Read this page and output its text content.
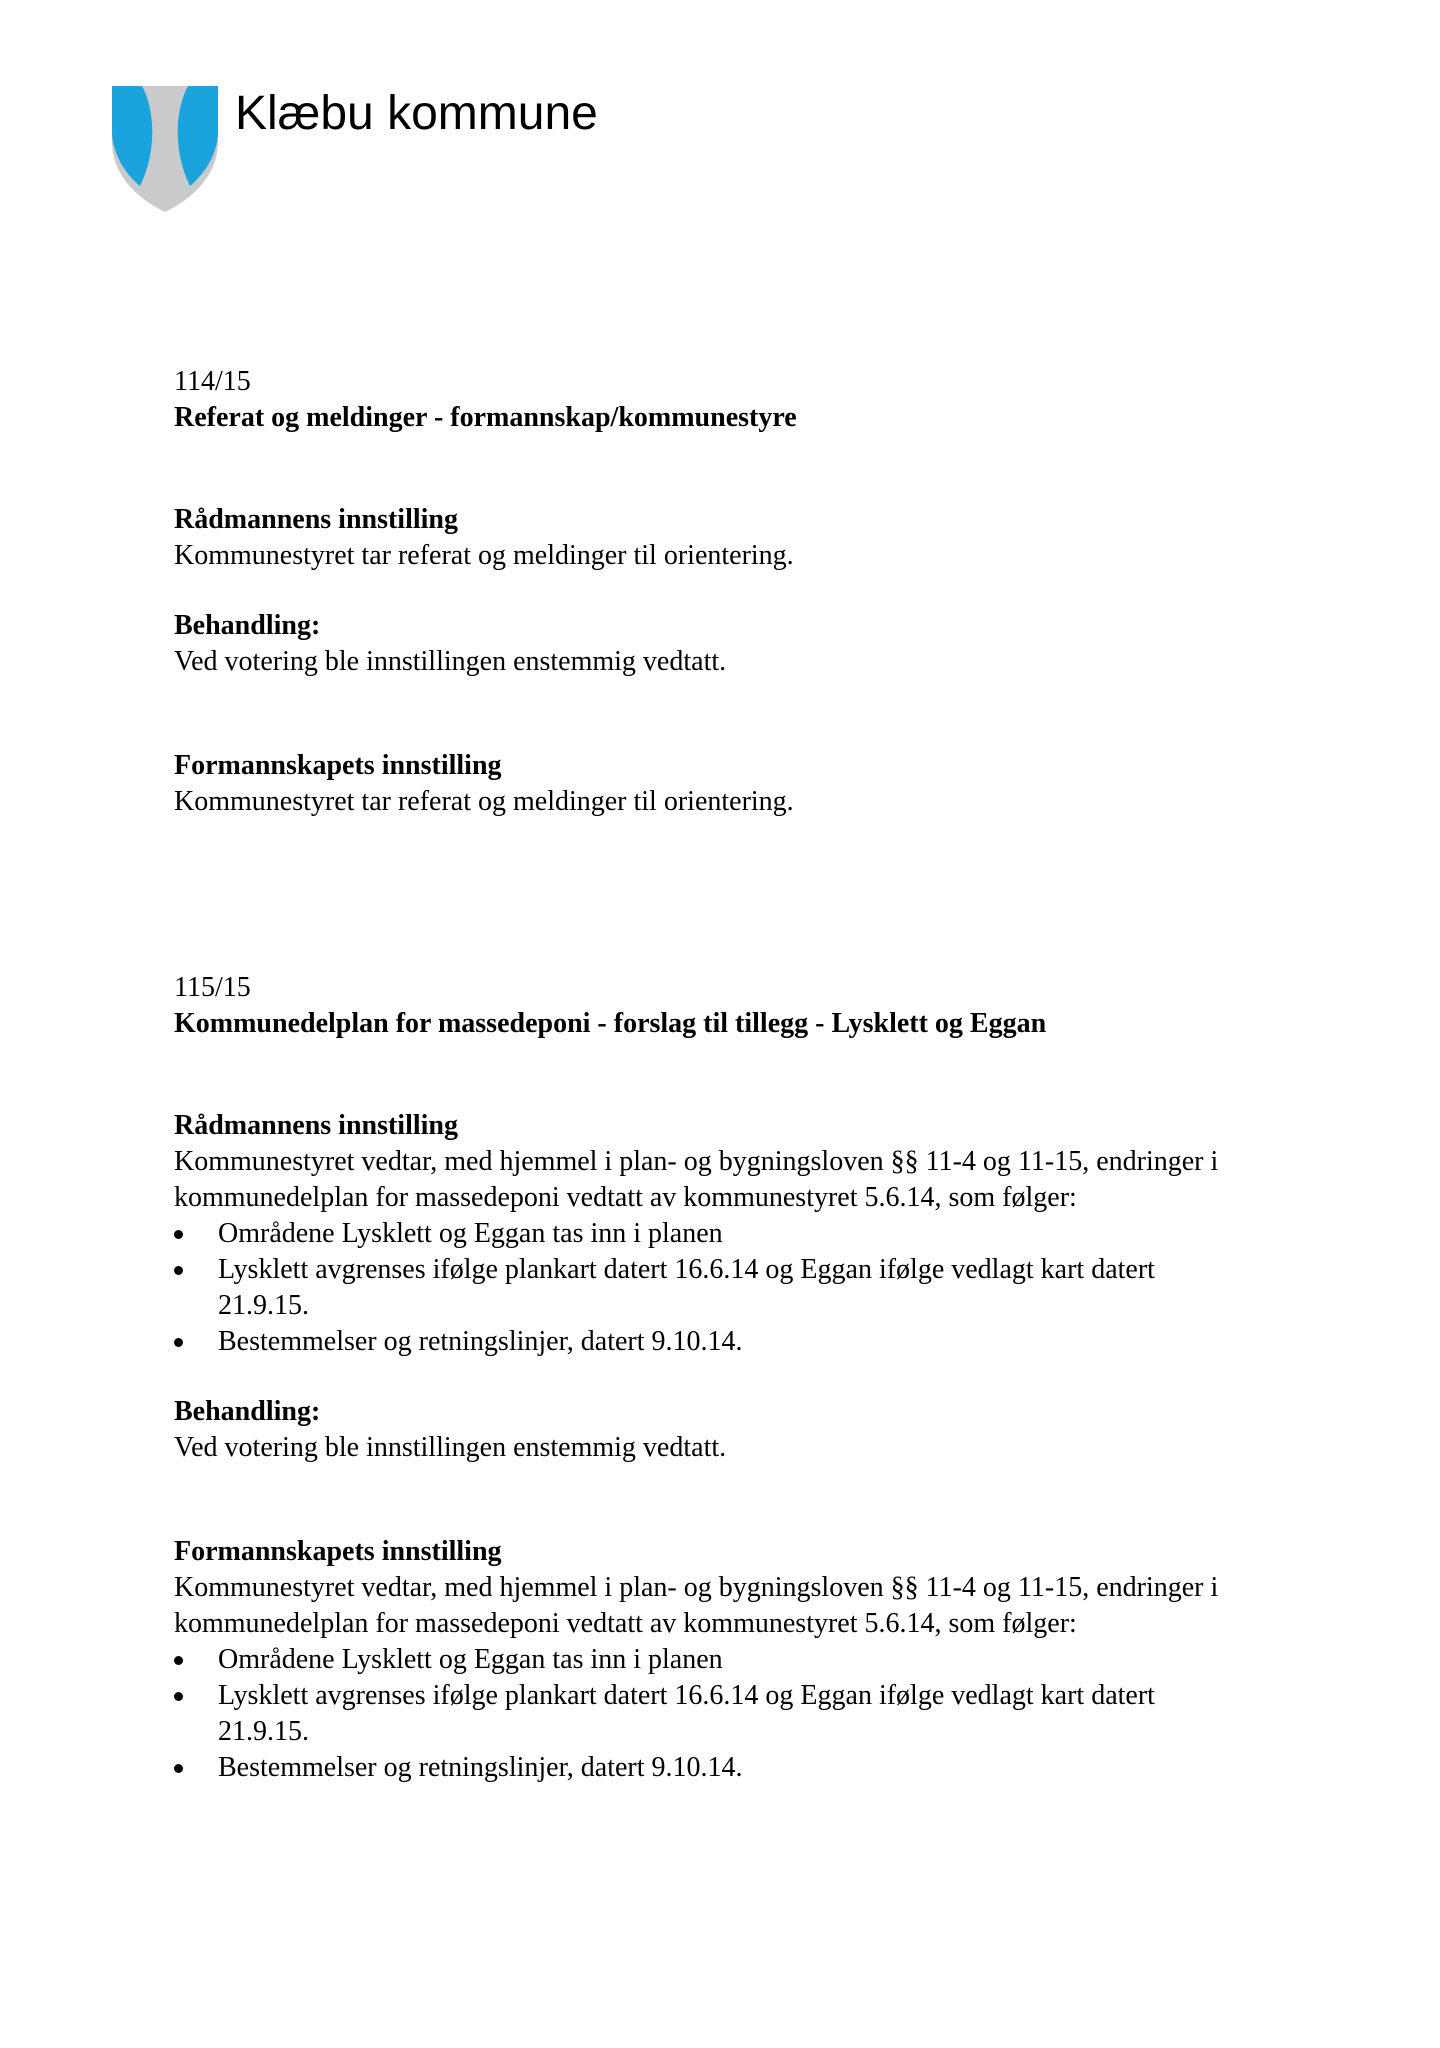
Klæbu kommune
114/15
Referat og meldinger - formannskap/kommunestyre
Rådmannens innstilling
Kommunestyret tar referat og meldinger til orientering.
Behandling:
Ved votering ble innstillingen enstemmig vedtatt.
Formannskapets innstilling
Kommunestyret tar referat og meldinger til orientering.
115/15
Kommunedelplan for massedeponi - forslag til tillegg - Lysklett og Eggan
Rådmannens innstilling
Kommunestyret vedtar, med hjemmel i plan- og bygningsloven §§ 11-4 og 11-15, endringer i kommunedelplan for massedeponi vedtatt av kommunestyret 5.6.14, som følger:
Områdene Lysklett og Eggan tas inn i planen
Lysklett avgrenses ifølge plankart datert 16.6.14 og Eggan ifølge vedlagt kart datert 21.9.15.
Bestemmelser og retningslinjer, datert 9.10.14.
Behandling:
Ved votering ble innstillingen enstemmig vedtatt.
Formannskapets innstilling
Kommunestyret vedtar, med hjemmel i plan- og bygningsloven §§ 11-4 og 11-15, endringer i kommunedelplan for massedeponi vedtatt av kommunestyret 5.6.14, som følger:
Områdene Lysklett og Eggan tas inn i planen
Lysklett avgrenses ifølge plankart datert 16.6.14 og Eggan ifølge vedlagt kart datert 21.9.15.
Bestemmelser og retningslinjer, datert 9.10.14.
